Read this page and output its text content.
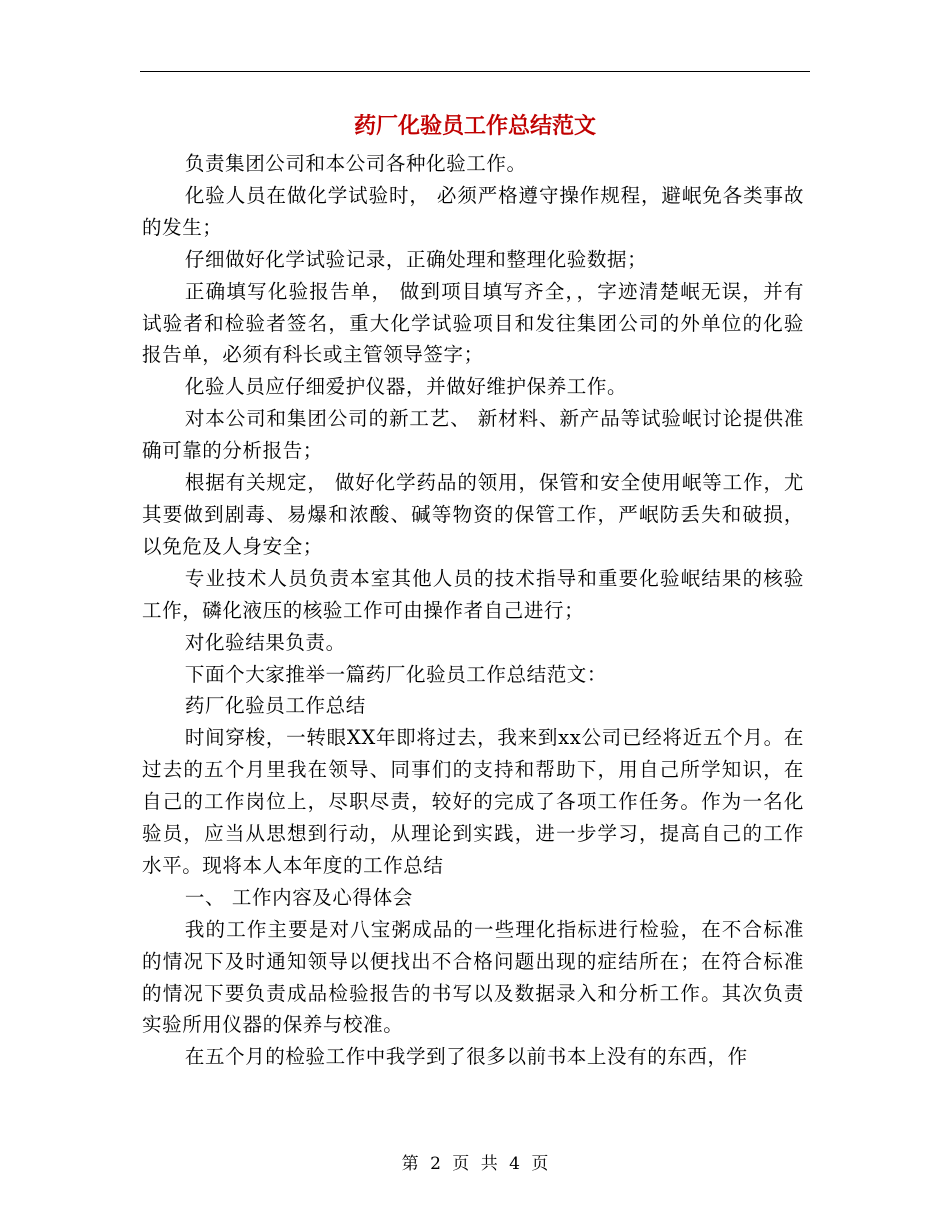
药厂化验员工作总结范文

负责集团公司和本公司各种化验工作。

化验人员在做化学试验时， 必须严格遵守操作规程，避岷免各类事故的发生；

仔细做好化学试验记录，正确处理和整理化验数据；

正确填写化验报告单， 做到项目填写齐全，，字迹清楚岷无误，并有试验者和检验者签名，重大化学试验项目和发往集团公司的外单位的化验报告单，必须有科长或主管领导签字；

化验人员应仔细爱护仪器，并做好维护保养工作。

对本公司和集团公司的新工艺、 新材料、新产品等试验岷讨论提供准确可靠的分析报告；

根据有关规定， 做好化学药品的领用，保管和安全使用岷等工作，尤其要做到剧毒、易爆和浓酸、碱等物资的保管工作，严岷防丢失和破损，以免危及人身安全；

专业技术人员负责本室其他人员的技术指导和重要化验岷结果的核验工作，磷化液压的核验工作可由操作者自己进行；

对化验结果负责。

下面个大家推举一篇药厂化验员工作总结范文：

药厂化验员工作总结

时间穿梭，一转眼XX年即将过去，我来到xx公司已经将近五个月。在过去的五个月里我在领导、同事们的支持和帮助下，用自己所学知识，在自己的工作岗位上，尽职尽责，较好的完成了各项工作任务。作为一名化验员，应当从思想到行动，从理论到实践，进一步学习，提高自己的工作水平。现将本人本年度的工作总结

一、 工作内容及心得体会

我的工作主要是对八宝粥成品的一些理化指标进行检验，在不合标准的情况下及时通知领导以便找出不合格问题出现的症结所在；在符合标准的情况下要负责成品检验报告的书写以及数据录入和分析工作。其次负责实验所用仪器的保养与校准。

在五个月的检验工作中我学到了很多以前书本上没有的东西，作

第 2 页 共 4 页
